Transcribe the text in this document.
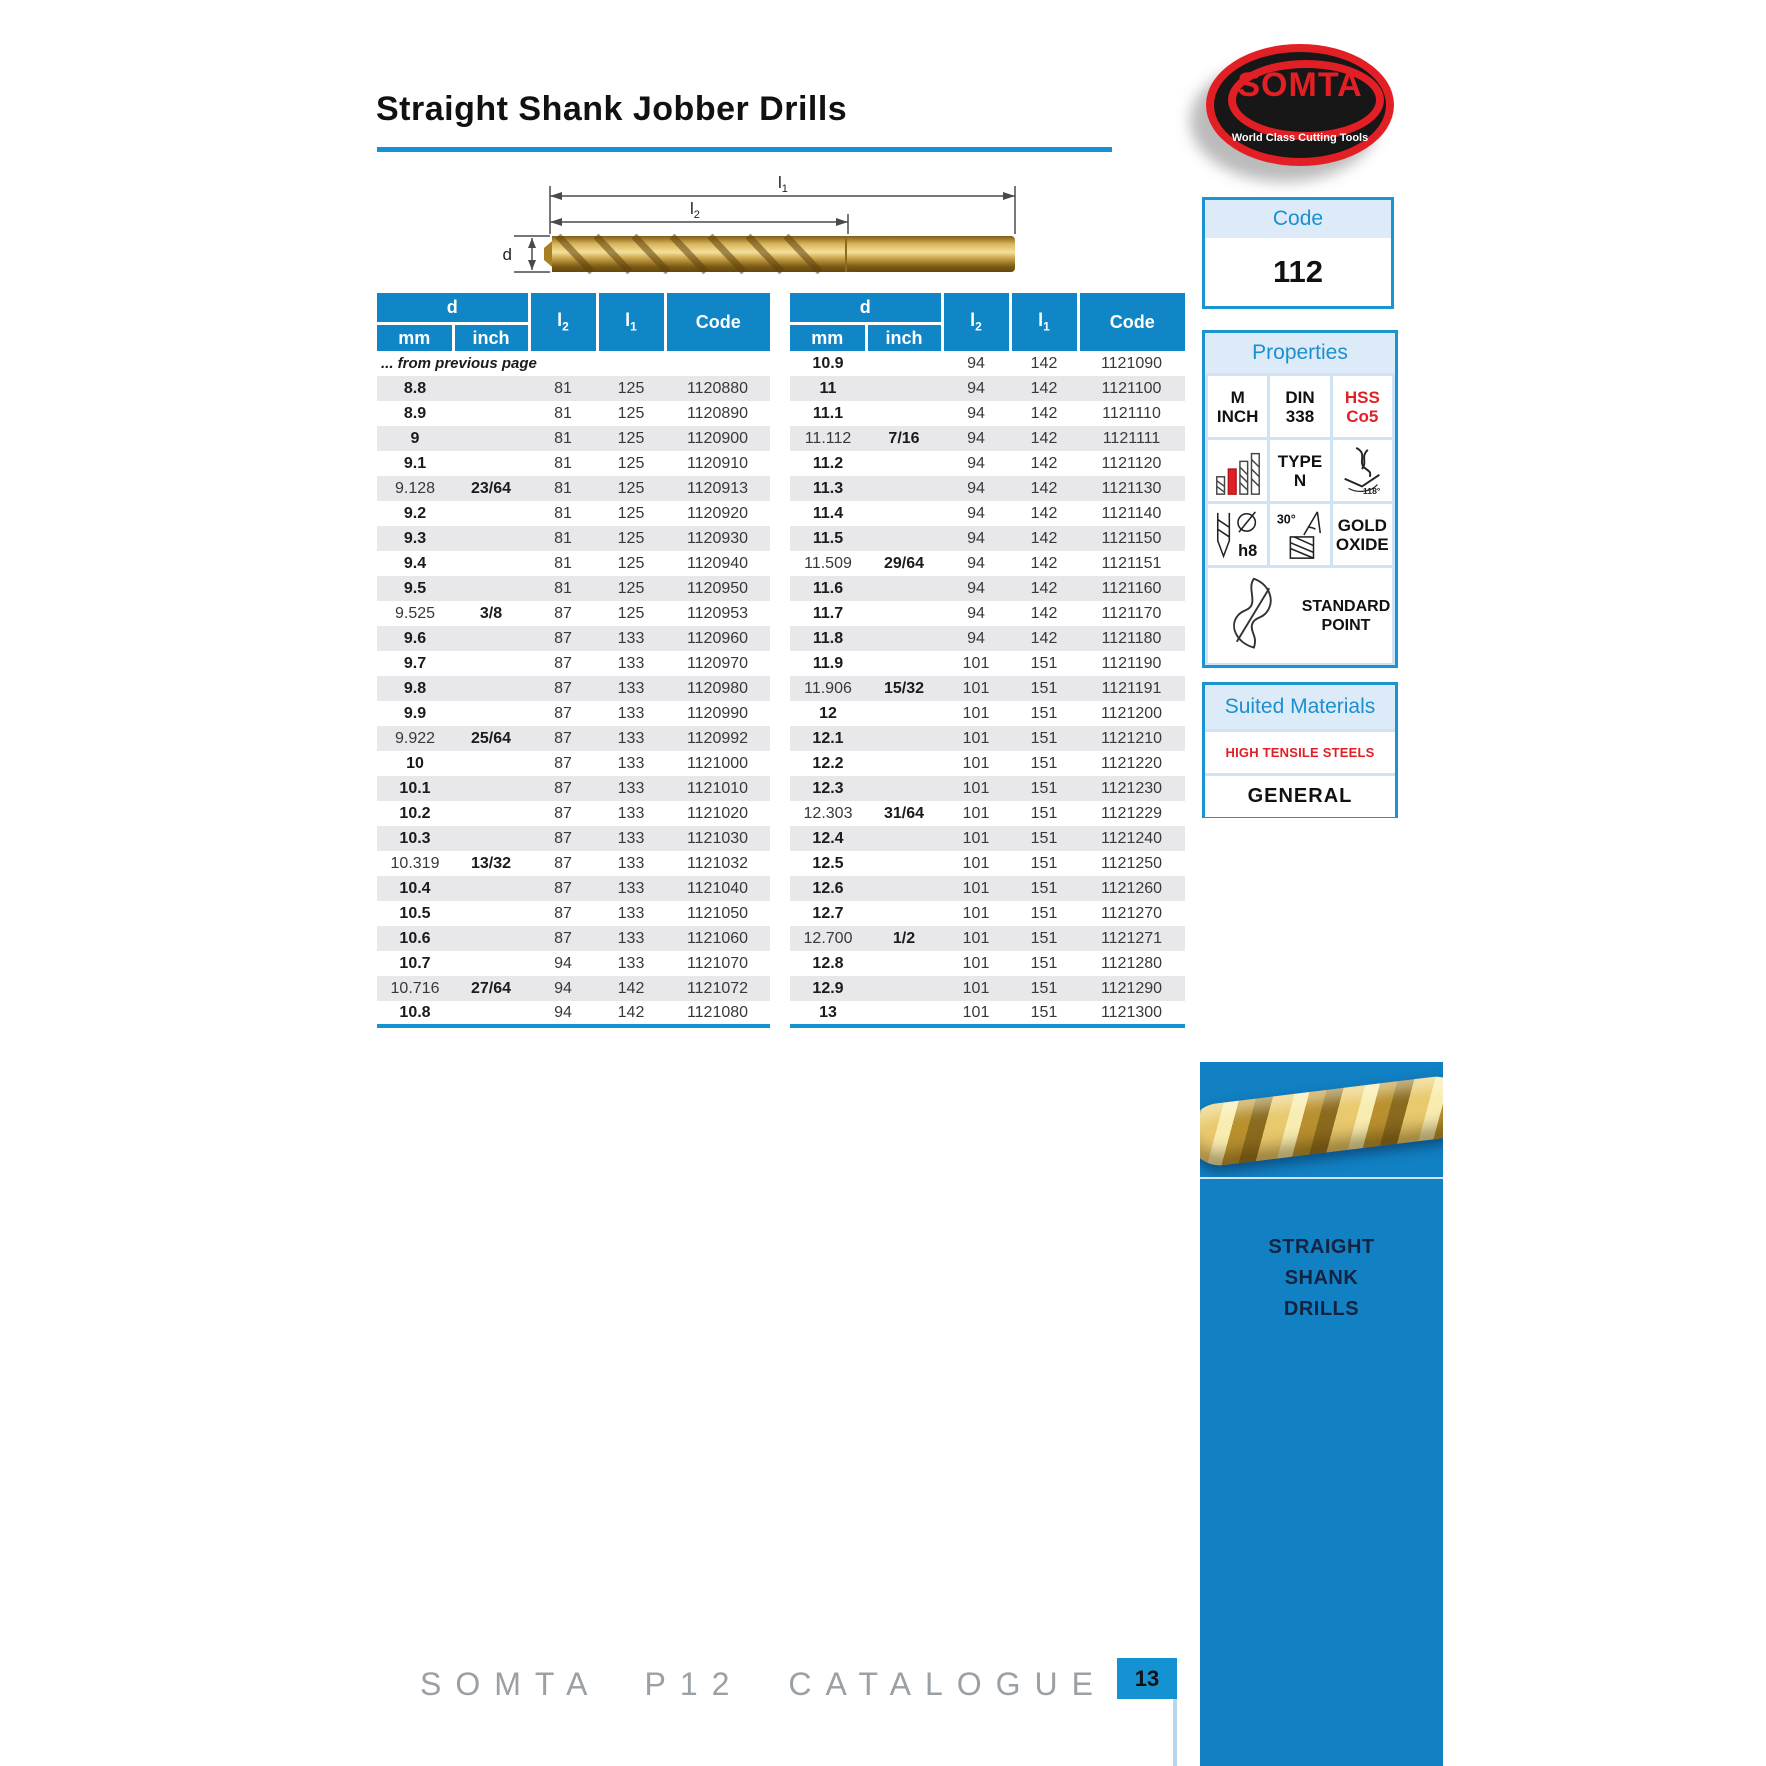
Straight Shank Jobber Drills
SOMTA
World Class Cutting Tools
$l_1$
$l_2$
d
d		$l_2$	$l_1$	Code
mm	inch			
... from previous page				
8.8		81	125	1120880
8.9		81	125	1120890
9		81	125	1120900
9.1		81	125	1120910
9.128	23/64	81	125	1120913
9.2		81	125	1120920
9.3		81	125	1120930
9.4		81	125	1120940
9.5		81	125	1120950
9.525	3/8	87	125	1120953
9.6		87	133	1120960
9.7		87	133	1120970
9.8		87	133	1120980
9.9		87	133	1120990
9.922	25/64	87	133	1120992
10		87	133	1121000
10.1		87	133	1121010
10.2		87	133	1121020
10.3		87	133	1121030
10.319	13/32	87	133	1121032
10.4		87	133	1121040
10.5		87	133	1121050
10.6		87	133	1121060
10.7		94	133	1121070
10.716	27/64	94	142	1121072
10.8		94	142	1121080
d		$l_2$	$l_1$	Code
mm	inch			
10.9		94	142	1121090
11		94	142	1121100
11.1		94	142	1121110
11.112	7/16	94	142	1121111
11.2		94	142	1121120
11.3		94	142	1121130
11.4		94	142	1121140
11.5		94	142	1121150
11.509	29/64	94	142	1121151
11.6		94	142	1121160
11.7		94	142	1121170
11.8		94	142	1121180
11.9		101	151	1121190
11.906	15/32	101	151	1121191
12		101	151	1121200
12.1		101	151	1121210
12.2		101	151	1121220
12.3		101	151	1121230
12.303	31/64	101	151	1121229
12.4		101	151	1121240
12.5		101	151	1121250
12.6		101	151	1121260
12.7		101	151	1121270
12.700	1/2	101	151	1121271
12.8		101	151	1121280
12.9		101	151	1121290
13		101	151	1121300
Code
112
Properties
M
INCH
DIN
338
HSS
Co5
TYPE
N
118°
h8
30° GOLD
OXIDE
STANDARD
POINT
Suited Materials
HIGH TENSILE STEELS
GENERAL
STRAIGHT
SHANK
DRILLS
SOMTA P12 CATALOGUE	13
